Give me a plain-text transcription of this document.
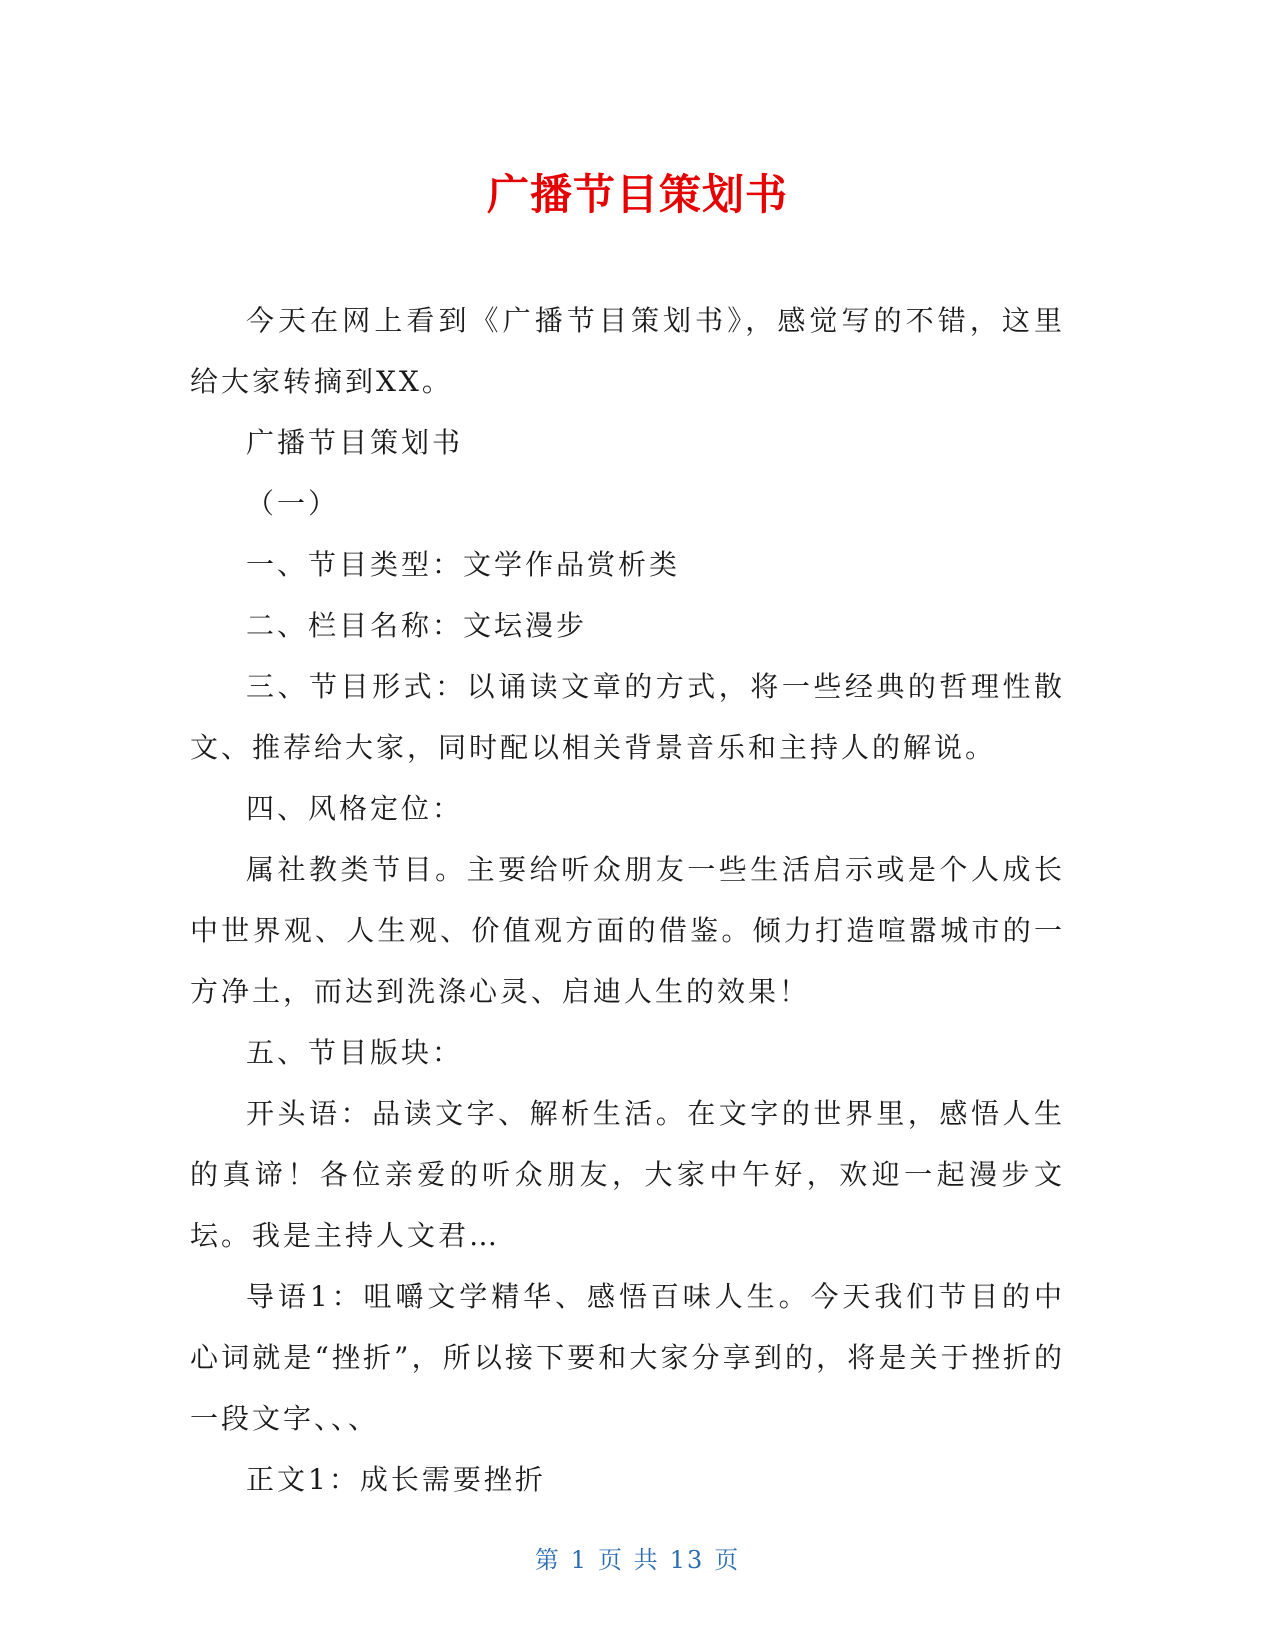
广播节目策划书

今天在网上看到《广播节目策划书》，感觉写的不错，这里给大家转摘到XX。

广播节目策划书

（一）

一、节目类型：文学作品赏析类

二、栏目名称：文坛漫步

三、节目形式：以诵读文章的方式，将一些经典的哲理性散文、推荐给大家，同时配以相关背景音乐和主持人的解说。

四、风格定位：

属社教类节目。主要给听众朋友一些生活启示或是个人成长中世界观、人生观、价值观方面的借鉴。倾力打造喧嚣城市的一方净土，而达到洗涤心灵、启迪人生的效果！

五、节目版块：

开头语：品读文字、解析生活。在文字的世界里，感悟人生的真谛！各位亲爱的听众朋友，大家中午好，欢迎一起漫步文坛。我是主持人文君…

导语1：咀嚼文学精华、感悟百味人生。今天我们节目的中心词就是“挫折”，所以接下要和大家分享到的，将是关于挫折的一段文字、、、

正文1：成长需要挫折

第 1 页 共 13 页
